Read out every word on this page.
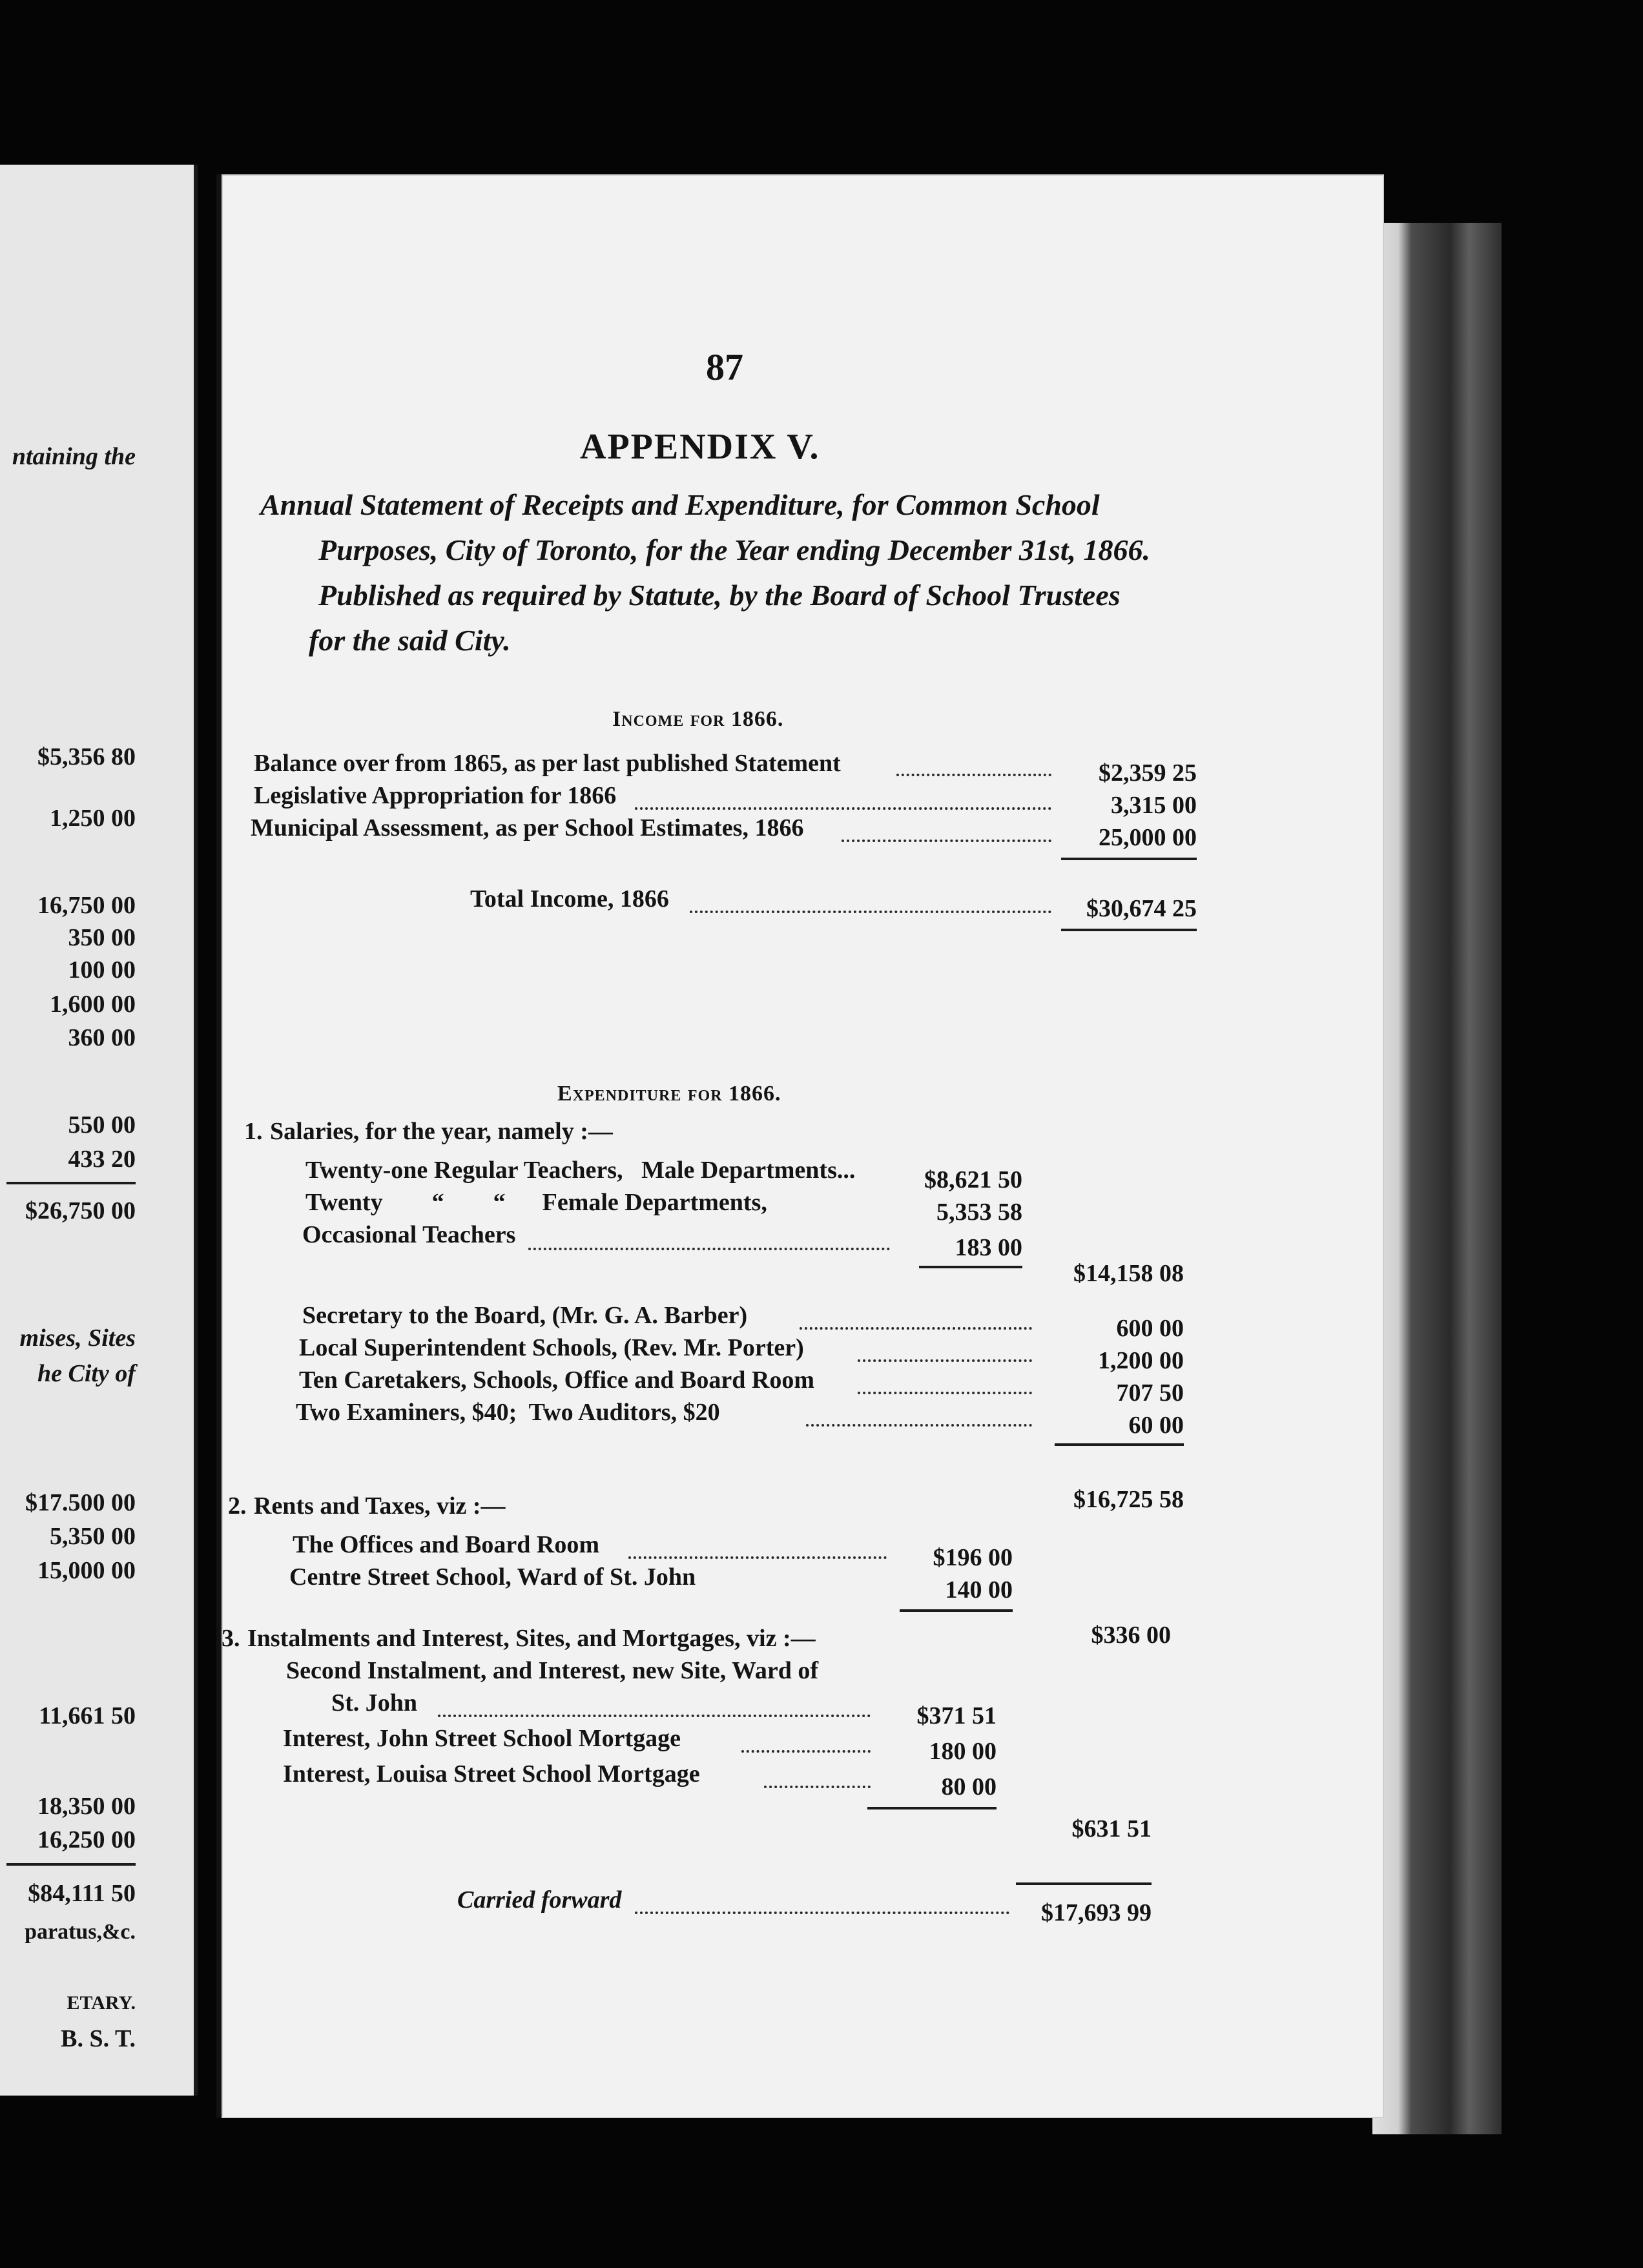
ntaining the
$5,356 80
1,250 00
16,750 00
350 00
100 00
1,600 00
360 00
550 00
433 20
$26,750 00
mises, Sites
he City of
$17.500 00
5,350 00
15,000 00
11,661 50
18,350 00
16,250 00
$84,111 50
paratus,&c.
ETARY.
B. S. T.
87
APPENDIX V.
Annual Statement of Receipts and Expenditure, for Common School
Purposes, City of Toronto, for the Year ending December 31st, 1866.
Published as required by Statute, by the Board of School Trustees
for the said City.
Income for 1866.
Balance over from 1865, as per last published Statement	$2,359 25
Legislative Appropriation for 1866	3,315 00
Municipal Assessment, as per School Estimates, 1866	25,000 00
Total Income, 1866	$30,674 25
Expenditure for 1866.
1. Salaries, for the year, namely :—
Twenty-one Regular Teachers,   Male Departments...	$8,621 50
Twenty        “        “      Female Departments,	5,353 58
Occasional Teachers	183 00
$14,158 08
Secretary to the Board, (Mr. G. A. Barber)	600 00
Local Superintendent Schools, (Rev. Mr. Porter)	1,200 00
Ten Caretakers, Schools, Office and Board Room	707 50
Two Examiners, $40;  Two Auditors, $20	60 00
$16,725 58
2. Rents and Taxes, viz :—
The Offices and Board Room	$196 00
Centre Street School, Ward of St. John	140 00
$336 00
3. Instalments and Interest, Sites, and Mortgages, viz :—
Second Instalment, and Interest, new Site, Ward of
St. John	$371 51
Interest, John Street School Mortgage	180 00
Interest, Louisa Street School Mortgage	80 00
$631 51
Carried forward	$17,693 99
